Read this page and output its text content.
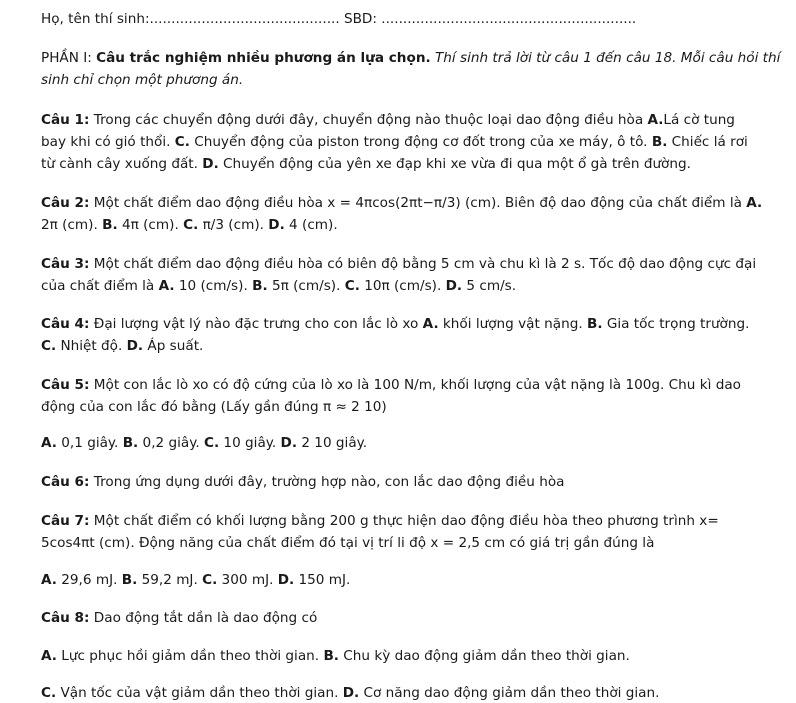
Họ, tên thí sinh:............................................ SBD: ...........................................................
PHẦN I: Câu trắc nghiệm nhiều phương án lựa chọn. Thí sinh trả lời từ câu 1 đến câu 18. Mỗi câu hỏi thí
sinh chỉ chọn một phương án.
Câu 1: Trong các chuyển động dưới đây, chuyển động nào thuộc loại dao động điều hòa A.Lá cờ tung
bay khi có gió thổi. C. Chuyển động của piston trong động cơ đốt trong của xe máy, ô tô. B. Chiếc lá rơi
từ cành cây xuống đất. D. Chuyển động của yên xe đạp khi xe vừa đi qua một ổ gà trên đường.
Câu 2: Một chất điểm dao động điều hòa x = 4πcos(2πt−π/3) (cm). Biên độ dao động của chất điểm là A.
2π (cm). B. 4π (cm). C. π/3 (cm). D. 4 (cm).
Câu 3: Một chất điểm dao động điều hòa có biên độ bằng 5 cm và chu kì là 2 s. Tốc độ dao động cực đại
của chất điểm là A. 10 (cm/s). B. 5π (cm/s). C. 10π (cm/s). D. 5 cm/s.
Câu 4: Đại lượng vật lý nào đặc trưng cho con lắc lò xo A. khối lượng vật nặng. B. Gia tốc trọng trường.
C. Nhiệt độ. D. Áp suất.
Câu 5: Một con lắc lò xo có độ cứng của lò xo là 100 N/m, khối lượng của vật nặng là 100g. Chu kì dao
động của con lắc đó bằng (Lấy gần đúng π ≈ 2 10)
A. 0,1 giây. B. 0,2 giây. C. 10 giây. D. 2 10 giây.
Câu 6: Trong ứng dụng dưới đây, trường hợp nào, con lắc dao động điều hòa
Câu 7: Một chất điểm có khối lượng bằng 200 g thực hiện dao động điều hòa theo phương trình x=
5cos4πt (cm). Động năng của chất điểm đó tại vị trí li độ x = 2,5 cm có giá trị gần đúng là
A. 29,6 mJ. B. 59,2 mJ. C. 300 mJ. D. 150 mJ.
Câu 8: Dao động tắt dần là dao động có
A. Lực phục hồi giảm dần theo thời gian. B. Chu kỳ dao động giảm dần theo thời gian.
C. Vận tốc của vật giảm dần theo thời gian. D. Cơ năng dao động giảm dần theo thời gian.
